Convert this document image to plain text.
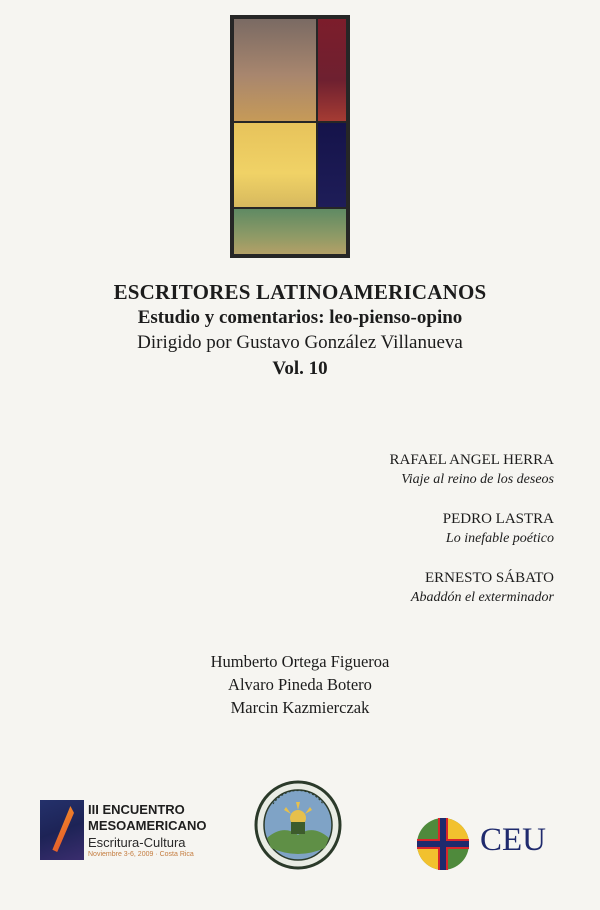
ESCRITORES LATINOAMERICANOS
Estudio y comentarios: leo-pienso-opino
Dirigido por Gustavo González Villanueva
Vol. 10
RAFAEL ANGEL HERRA
Viaje al reino de los deseos
PEDRO LASTRA
Lo inefable poético
ERNESTO SÁBATO
Abaddón el exterminador
Humberto Ortega Figueroa
Alvaro Pineda Botero
Marcin Kazmierczak
III ENCUENTRO
MESOAMERICANO
Escritura-Cultura
Noviembre 3-6, 2009 · Costa Rica	CEU
